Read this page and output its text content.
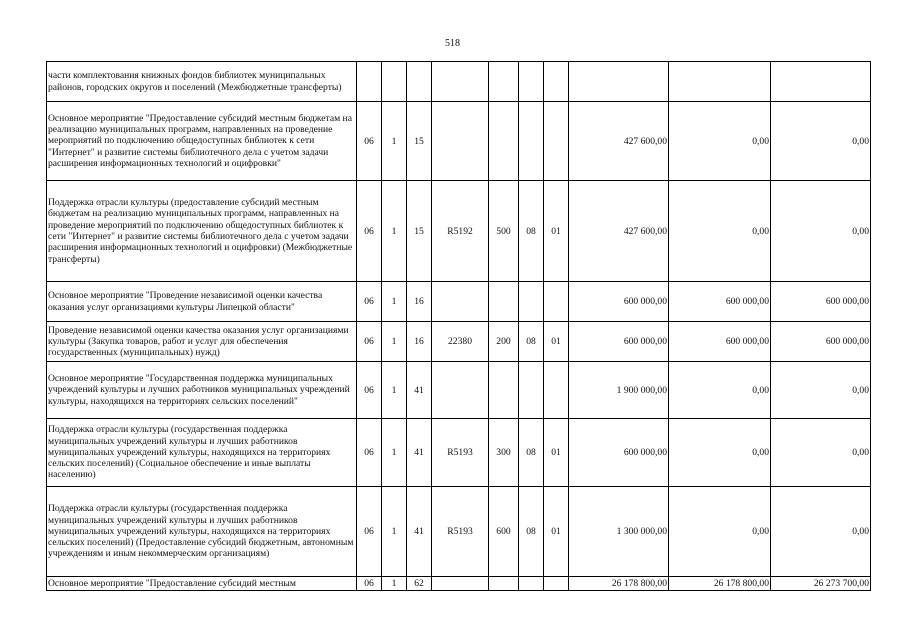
518
части комплектования книжных фондов библиотек муниципальных районов, городских округов и поселений (Межбюджетные трансферты)										
Основное мероприятие "Предоставление субсидий местным бюджетам на реализацию муниципальных программ, направленных на проведение мероприятий по подключению общедоступных библиотек к сети "Интернет" и развитие системы библиотечного дела с учетом задачи расширения информационных технологий и оцифровки"	06	1	15					427 600,00	0,00	0,00
Поддержка отрасли культуры (предоставление субсидий местным бюджетам на реализацию муниципальных программ, направленных на проведение мероприятий по подключению общедоступных библиотек к сети "Интернет" и развитие системы библиотечного дела с учетом задачи расширения информационных технологий и оцифровки) (Межбюджетные трансферты)	06	1	15	R5192	500	08	01	427 600,00	0,00	0,00
Основное мероприятие "Проведение независимой оценки качества оказания услуг организациями культуры Липецкой области"	06	1	16					600 000,00	600 000,00	600 000,00
Проведение независимой оценки качества оказания услуг организациями культуры (Закупка товаров, работ и услуг для обеспечения государственных (муниципальных) нужд)	06	1	16	22380	200	08	01	600 000,00	600 000,00	600 000,00
Основное мероприятие "Государственная поддержка муниципальных учреждений культуры и лучших работников муниципальных учреждений культуры, находящихся на территориях сельских поселений"	06	1	41					1 900 000,00	0,00	0,00
Поддержка отрасли культуры (государственная поддержка муниципальных учреждений культуры и лучших работников муниципальных учреждений культуры, находящихся на территориях сельских поселений) (Социальное обеспечение и иные выплаты населению)	06	1	41	R5193	300	08	01	600 000,00	0,00	0,00
Поддержка отрасли культуры (государственная поддержка муниципальных учреждений культуры и лучших работников муниципальных учреждений культуры, находящихся на территориях сельских поселений) (Предоставление субсидий бюджетным, автономным учреждениям и иным некоммерческим организациям)	06	1	41	R5193	600	08	01	1 300 000,00	0,00	0,00
Основное мероприятие "Предоставление субсидий местным	06	1	62					26 178 800,00	26 178 800,00	26 273 700,00
